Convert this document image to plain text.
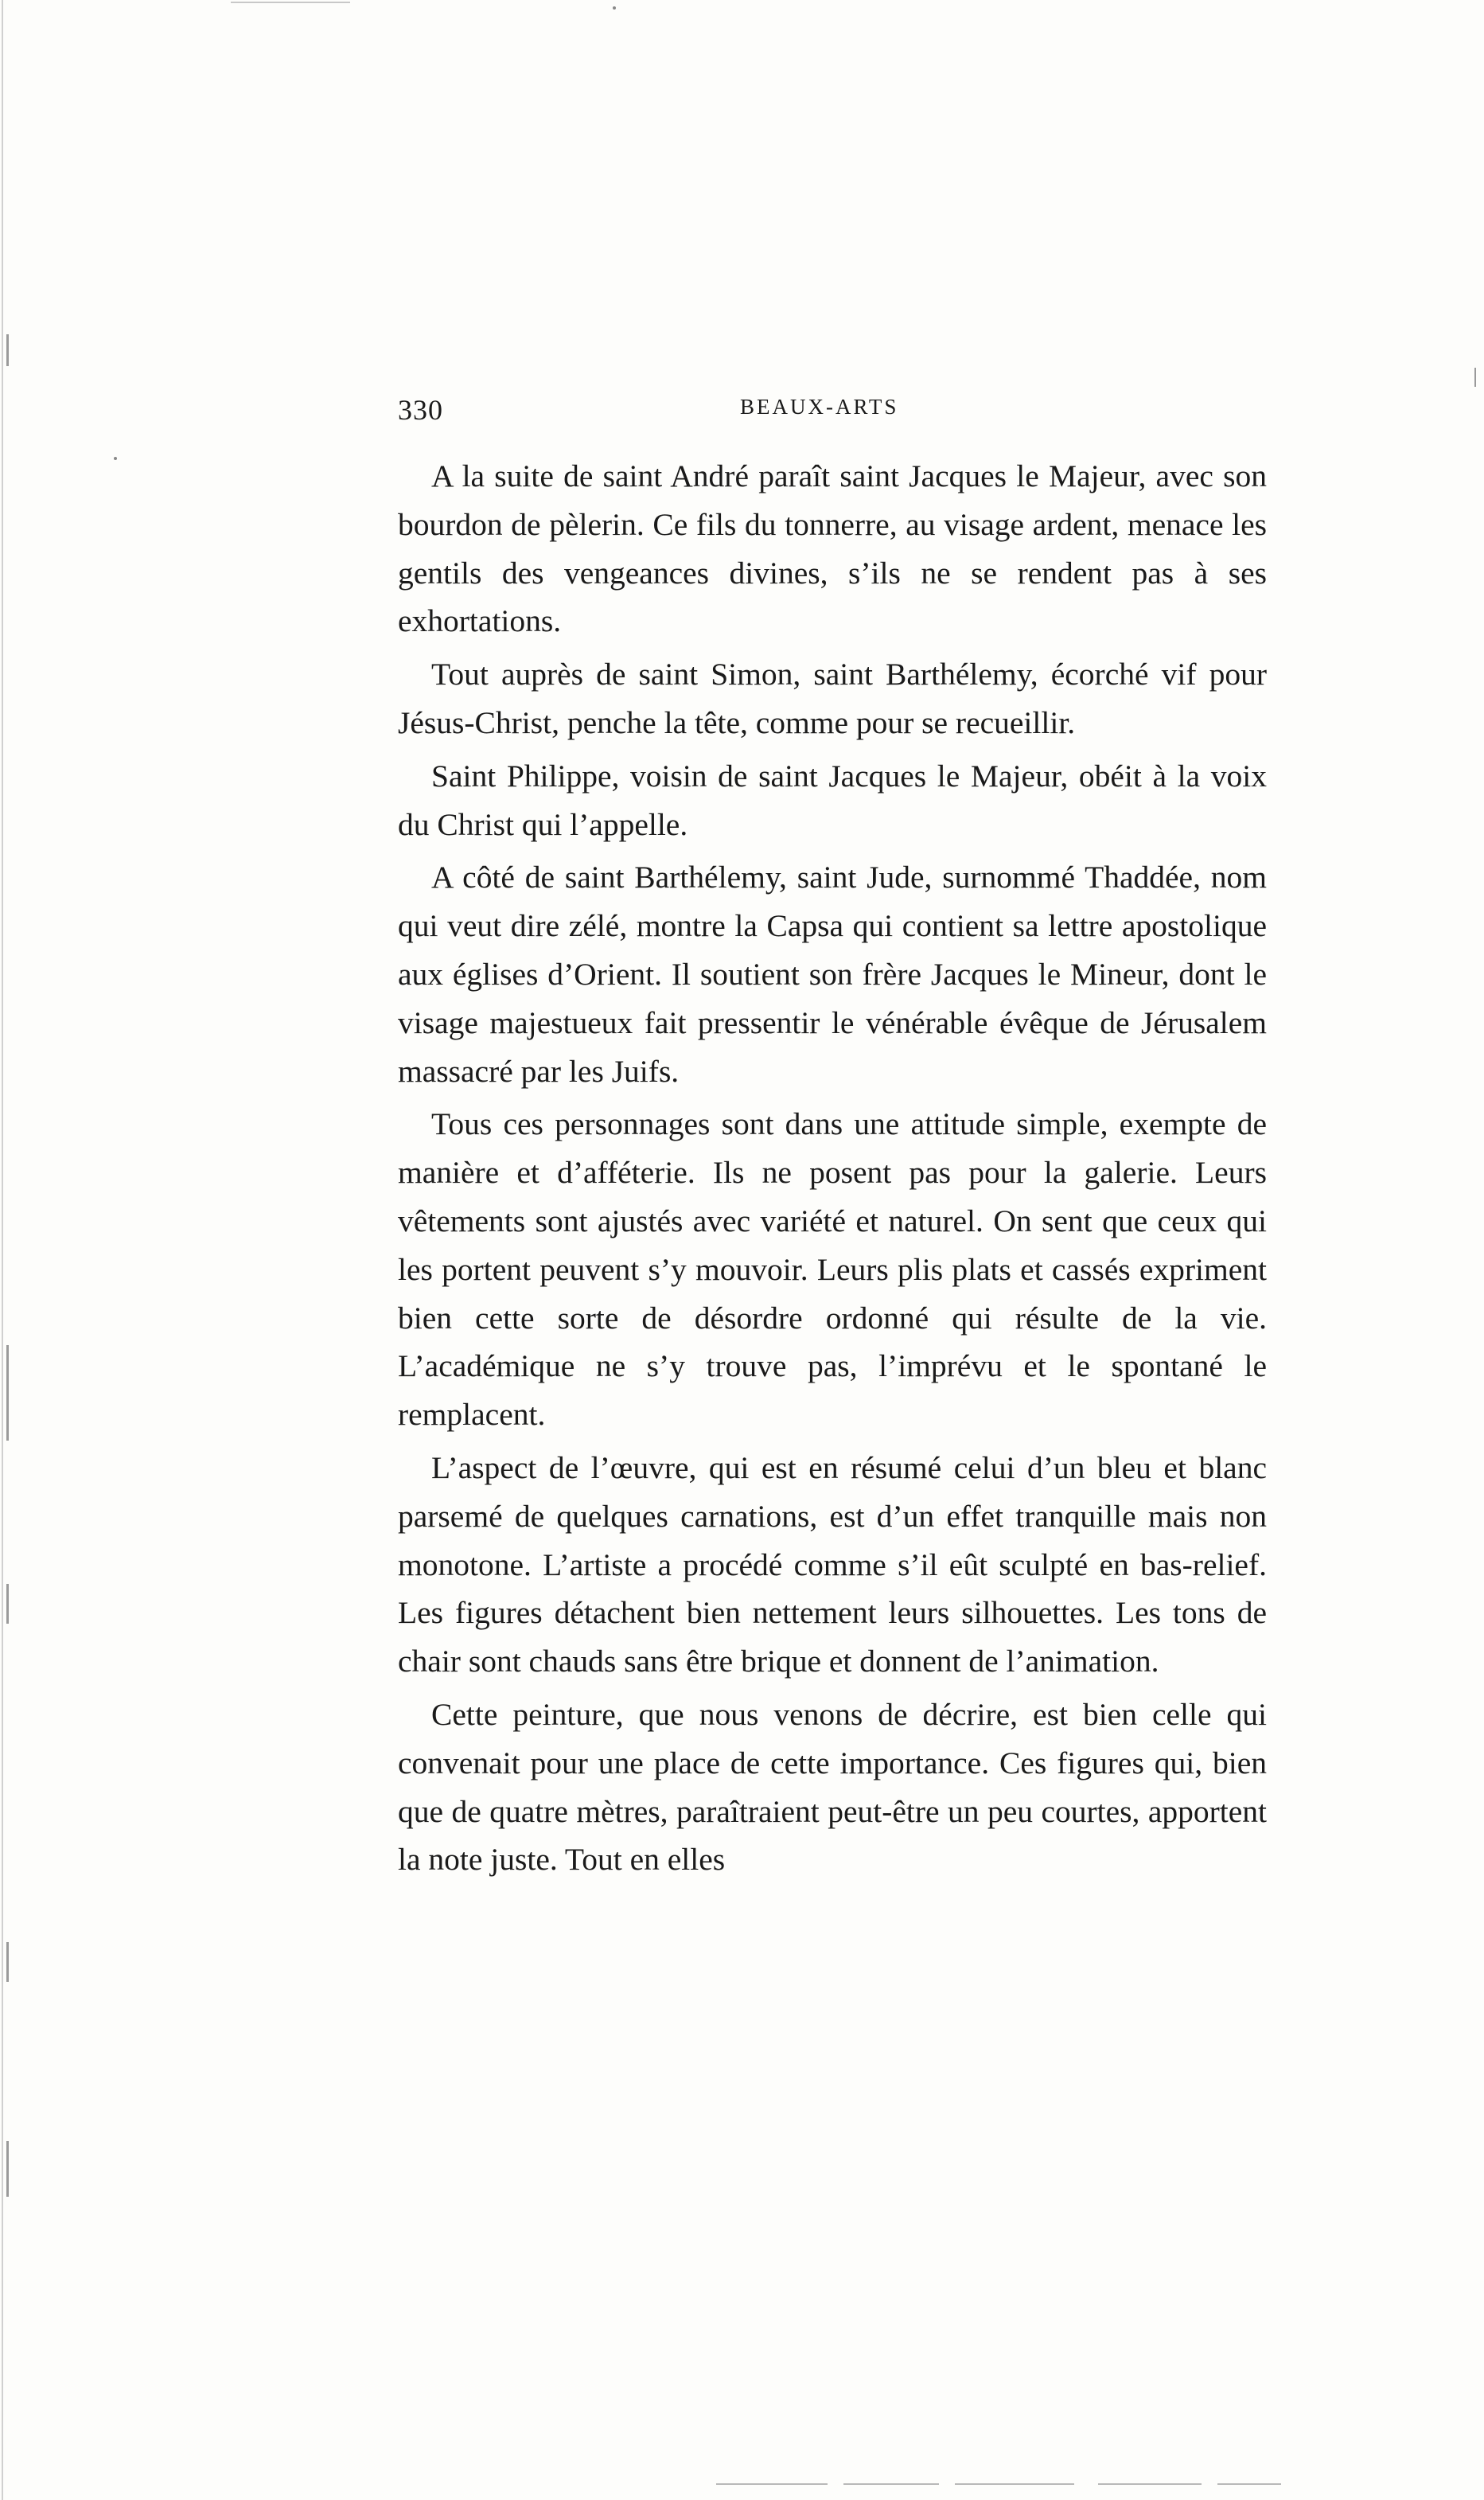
330	BEAUX-ARTS

A la suite de saint André paraît saint Jacques le Majeur, avec son bourdon de pèlerin. Ce fils du tonnerre, au visage ardent, menace les gentils des vengeances divines, s’ils ne se rendent pas à ses exhortations.

Tout auprès de saint Simon, saint Barthélemy, écorché vif pour Jésus-Christ, penche la tête, comme pour se recueillir.

Saint Philippe, voisin de saint Jacques le Majeur, obéit à la voix du Christ qui l’appelle.

A côté de saint Barthélemy, saint Jude, surnommé Thaddée, nom qui veut dire zélé, montre la Capsa qui contient sa lettre apostolique aux églises d’Orient. Il soutient son frère Jacques le Mineur, dont le visage majestueux fait pressentir le vénérable évêque de Jérusalem massacré par les Juifs.

Tous ces personnages sont dans une attitude simple, exempte de manière et d’afféterie. Ils ne posent pas pour la galerie. Leurs vêtements sont ajustés avec variété et naturel. On sent que ceux qui les portent peuvent s’y mouvoir. Leurs plis plats et cassés expriment bien cette sorte de désordre ordonné qui résulte de la vie. L’académique ne s’y trouve pas, l’imprévu et le spontané le remplacent.

L’aspect de l’œuvre, qui est en résumé celui d’un bleu et blanc parsemé de quelques carnations, est d’un effet tranquille mais non monotone. L’artiste a procédé comme s’il eût sculpté en bas-relief. Les figures détachent bien nettement leurs silhouettes. Les tons de chair sont chauds sans être brique et donnent de l’animation.

Cette peinture, que nous venons de décrire, est bien celle qui convenait pour une place de cette importance. Ces figures qui, bien que de quatre mètres, paraîtraient peut-être un peu courtes, apportent la note juste. Tout en elles
